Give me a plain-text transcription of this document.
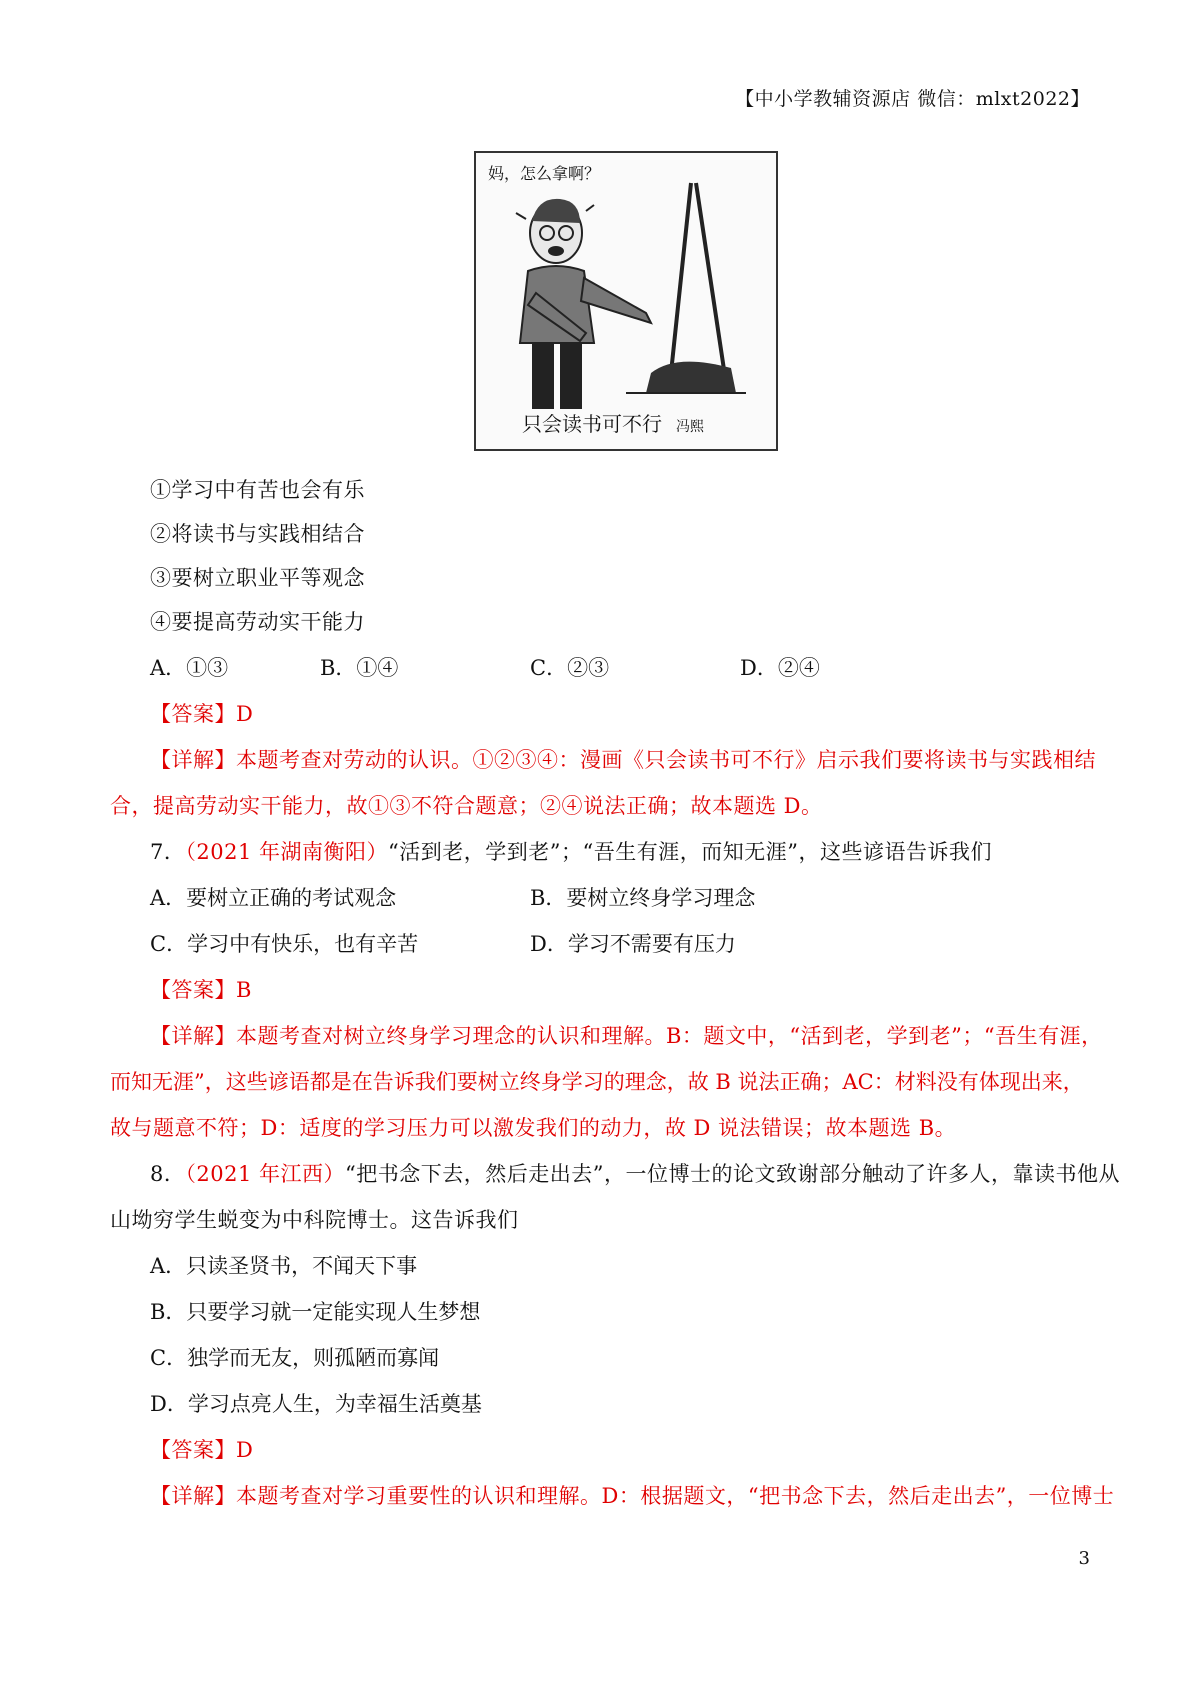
【中小学教辅资源店 微信：mlxt2022】
妈，怎么拿啊？
只会读书可不行 冯熙
①学习中有苦也会有乐
②将读书与实践相结合
③要树立职业平等观念
④要提高劳动实干能力
A．①③	B．①④	C．②③	D．②④
【答案】D
【详解】本题考查对劳动的认识。①②③④：漫画《只会读书可不行》启示我们要将读书与实践相结
合，提高劳动实干能力，故①③不符合题意；②④说法正确；故本题选 D。
7．（2021 年湖南衡阳）“活到老，学到老”；“吾生有涯，而知无涯”，这些谚语告诉我们
A．要树立正确的考试观念	B．要树立终身学习理念
C．学习中有快乐，也有辛苦	D．学习不需要有压力
【答案】B
【详解】本题考查对树立终身学习理念的认识和理解。B：题文中，“活到老，学到老”；“吾生有涯，
而知无涯”，这些谚语都是在告诉我们要树立终身学习的理念，故 B 说法正确；AC：材料没有体现出来，
故与题意不符；D：适度的学习压力可以激发我们的动力，故 D 说法错误；故本题选 B。
8．（2021 年江西）“把书念下去，然后走出去”，一位博士的论文致谢部分触动了许多人，靠读书他从
山坳穷学生蜕变为中科院博士。这告诉我们
A．只读圣贤书，不闻天下事
B．只要学习就一定能实现人生梦想
C．独学而无友，则孤陋而寡闻
D．学习点亮人生，为幸福生活奠基
【答案】D
【详解】本题考查对学习重要性的认识和理解。D：根据题文，“把书念下去，然后走出去”，一位博士
3
